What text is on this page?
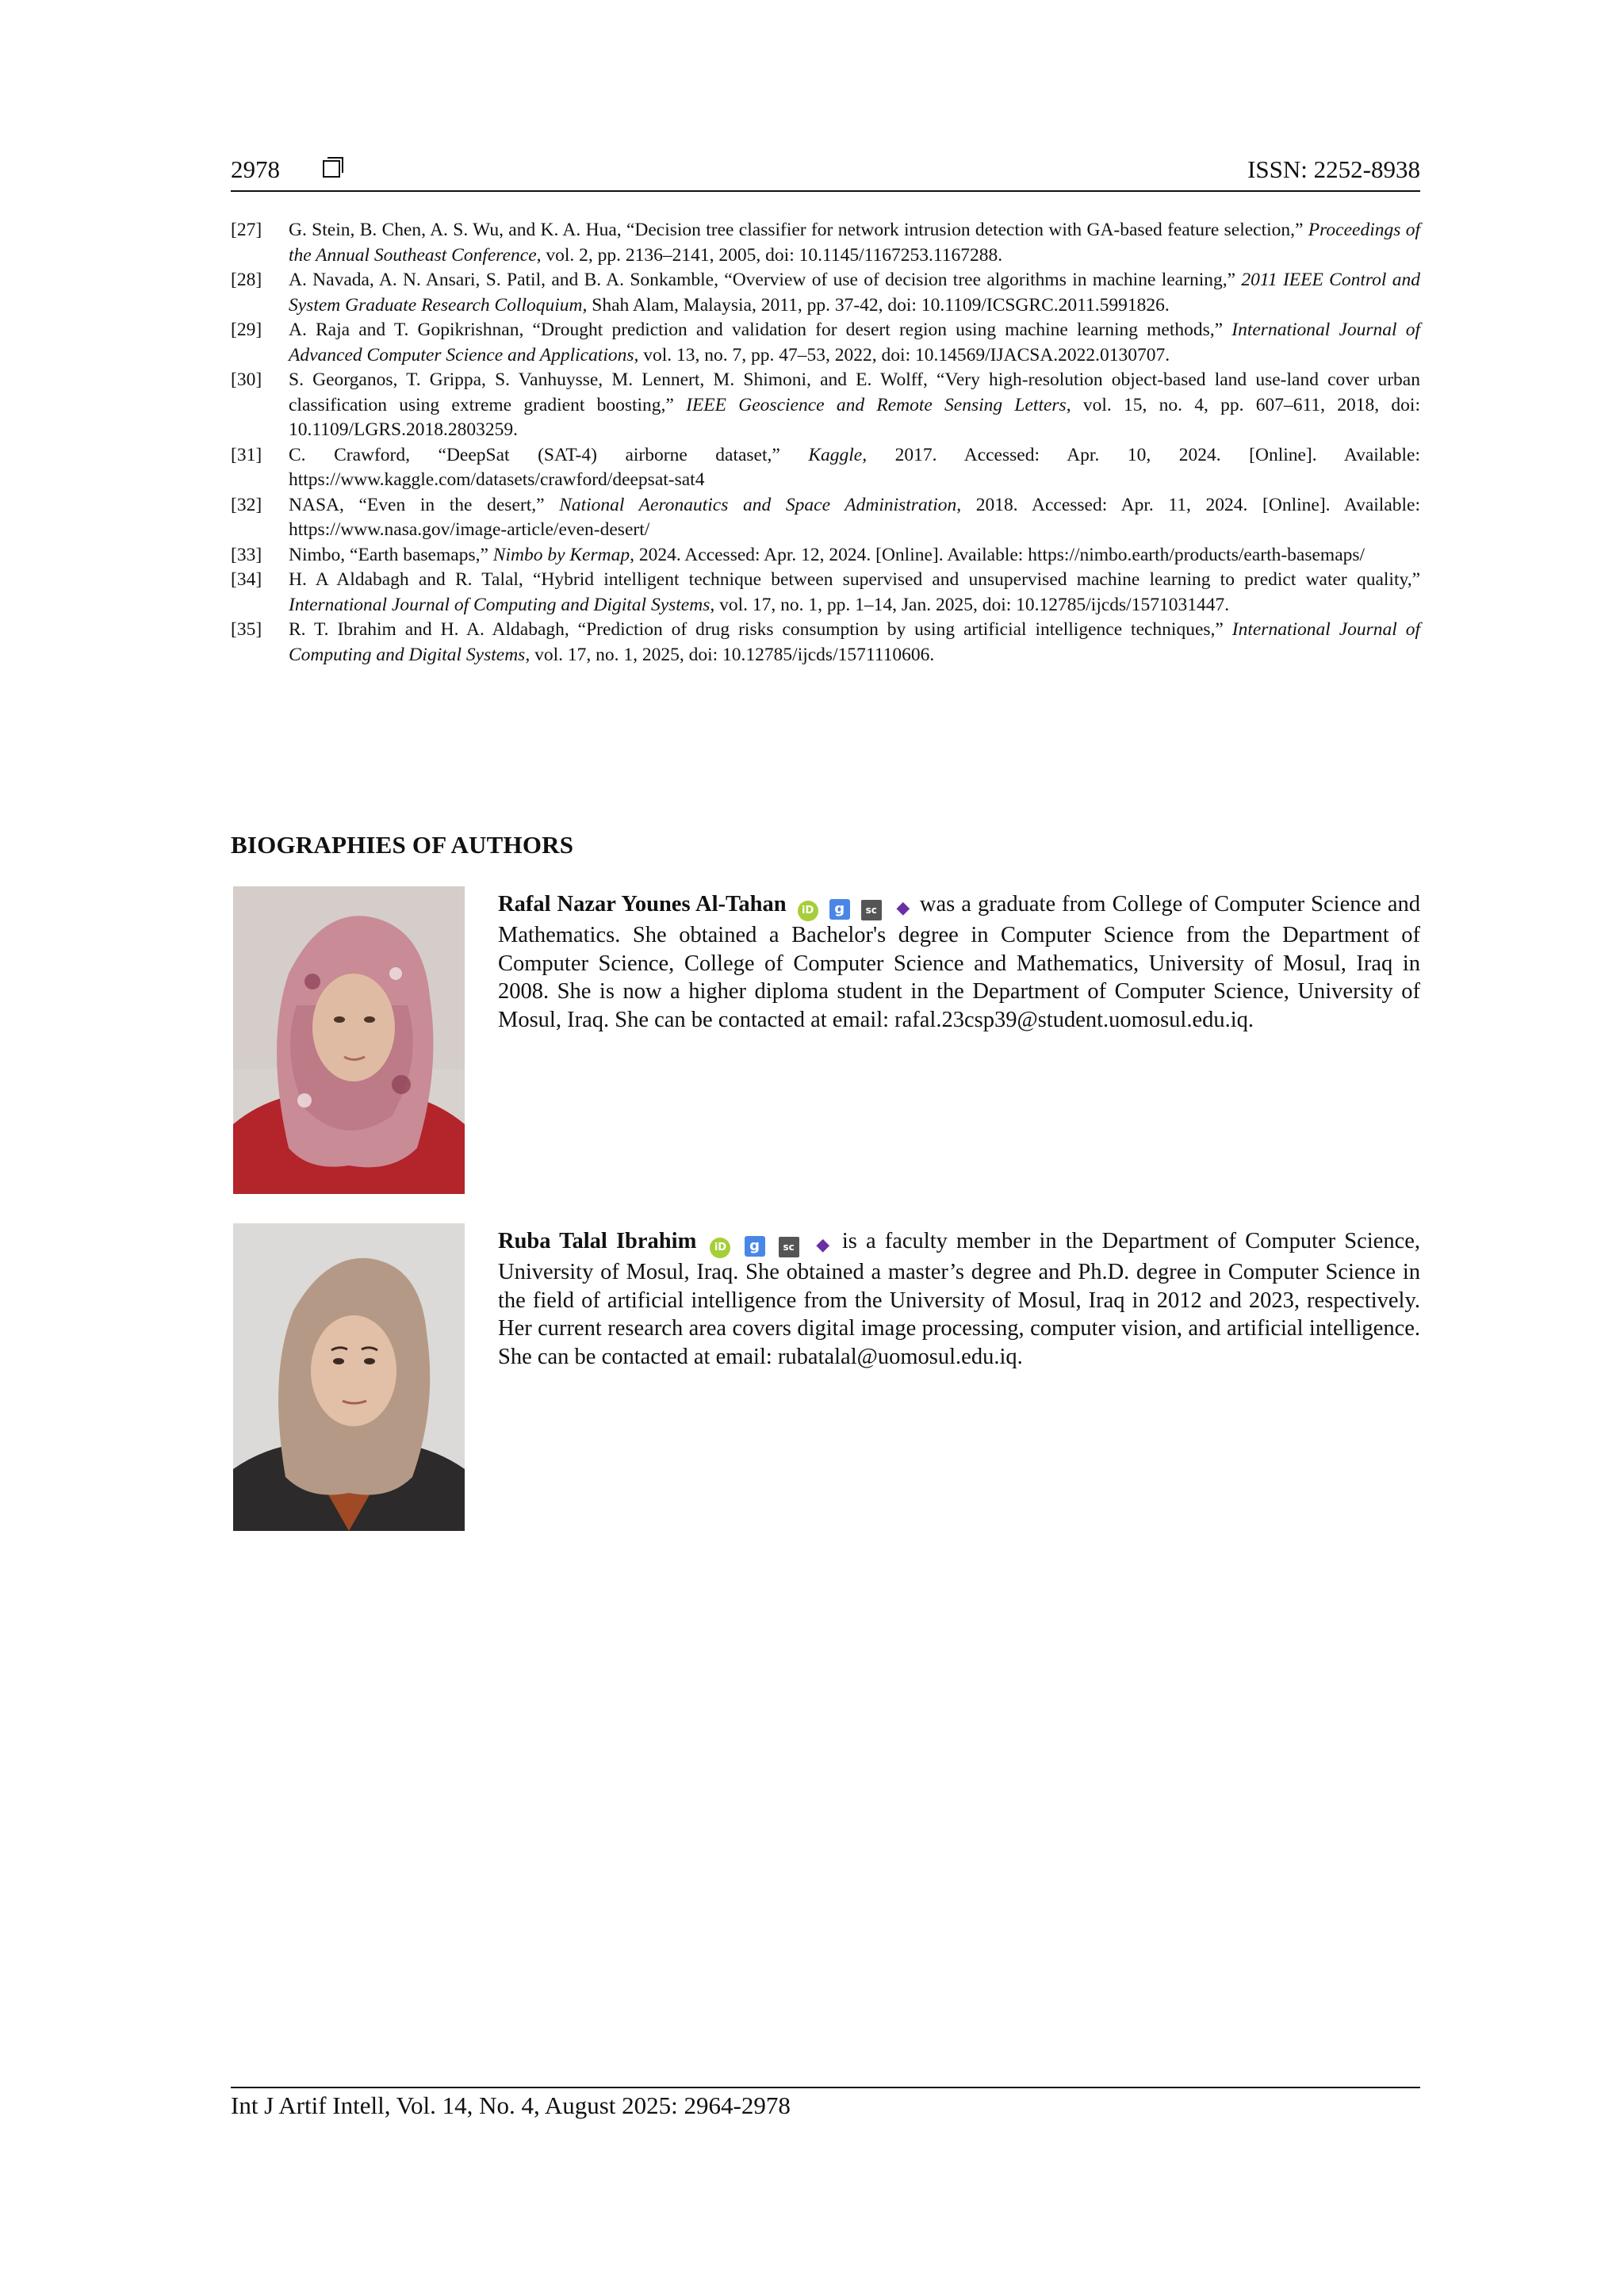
2978	ISSN: 2252-8938
[27] G. Stein, B. Chen, A. S. Wu, and K. A. Hua, “Decision tree classifier for network intrusion detection with GA-based feature selection,” Proceedings of the Annual Southeast Conference, vol. 2, pp. 2136–2141, 2005, doi: 10.1145/1167253.1167288.
[28] A. Navada, A. N. Ansari, S. Patil, and B. A. Sonkamble, “Overview of use of decision tree algorithms in machine learning,” 2011 IEEE Control and System Graduate Research Colloquium, Shah Alam, Malaysia, 2011, pp. 37-42, doi: 10.1109/ICSGRC.2011.5991826.
[29] A. Raja and T. Gopikrishnan, “Drought prediction and validation for desert region using machine learning methods,” International Journal of Advanced Computer Science and Applications, vol. 13, no. 7, pp. 47–53, 2022, doi: 10.14569/IJACSA.2022.0130707.
[30] S. Georganos, T. Grippa, S. Vanhuysse, M. Lennert, M. Shimoni, and E. Wolff, “Very high-resolution object-based land use-land cover urban classification using extreme gradient boosting,” IEEE Geoscience and Remote Sensing Letters, vol. 15, no. 4, pp. 607–611, 2018, doi: 10.1109/LGRS.2018.2803259.
[31] C. Crawford, “DeepSat (SAT-4) airborne dataset,” Kaggle, 2017. Accessed: Apr. 10, 2024. [Online]. Available: https://www.kaggle.com/datasets/crawford/deepsat-sat4
[32] NASA, “Even in the desert,” National Aeronautics and Space Administration, 2018. Accessed: Apr. 11, 2024. [Online]. Available: https://www.nasa.gov/image-article/even-desert/
[33] Nimbo, “Earth basemaps,” Nimbo by Kermap, 2024. Accessed: Apr. 12, 2024. [Online]. Available: https://nimbo.earth/products/earth-basemaps/
[34] H. A Aldabagh and R. Talal, “Hybrid intelligent technique between supervised and unsupervised machine learning to predict water quality,” International Journal of Computing and Digital Systems, vol. 17, no. 1, pp. 1–14, Jan. 2025, doi: 10.12785/ijcds/1571031447.
[35] R. T. Ibrahim and H. A. Aldabagh, “Prediction of drug risks consumption by using artificial intelligence techniques,” International Journal of Computing and Digital Systems, vol. 17, no. 1, 2025, doi: 10.12785/ijcds/1571110606.
BIOGRAPHIES OF AUTHORS
Rafal Nazar Younes Al-Tahan iD g sc ◆ was a graduate from College of Computer Science and Mathematics. She obtained a Bachelor's degree in Computer Science from the Department of Computer Science, College of Computer Science and Mathematics, University of Mosul, Iraq in 2008. She is now a higher diploma student in the Department of Computer Science, University of Mosul, Iraq. She can be contacted at email: rafal.23csp39@student.uomosul.edu.iq.
Ruba Talal Ibrahim iD g sc ◆ is a faculty member in the Department of Computer Science, University of Mosul, Iraq. She obtained a master’s degree and Ph.D. degree in Computer Science in the field of artificial intelligence from the University of Mosul, Iraq in 2012 and 2023, respectively. Her current research area covers digital image processing, computer vision, and artificial intelligence. She can be contacted at email: rubatalal@uomosul.edu.iq.
Int J Artif Intell, Vol. 14, No. 4, August 2025: 2964-2978
